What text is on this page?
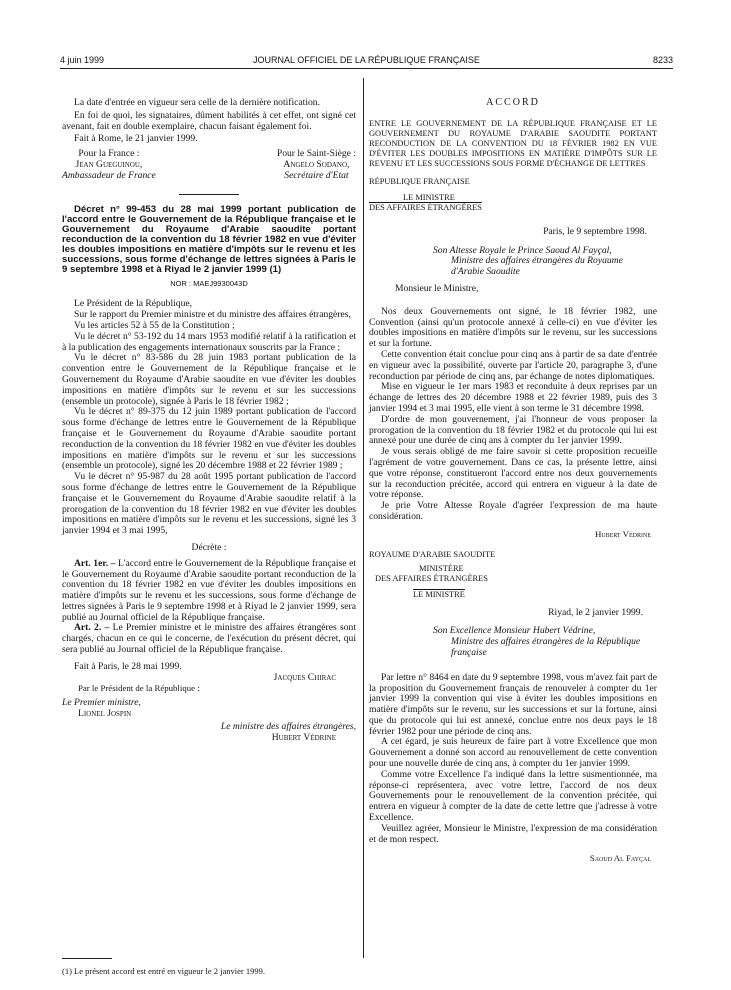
4 juin 1999	JOURNAL OFFICIEL DE LA RÉPUBLIQUE FRANÇAISE	8233

La date d'entrée en vigueur sera celle de la dernière notification.

En foi de quoi, les signataires, dûment habilités à cet effet, ont signé cet avenant, fait en double exemplaire, chacun faisant également foi.

Fait à Rome, le 21 janvier 1999.

Pour la France :
Jean Gueguinou,
Ambassadeur de France
Pour le Saint-Siège :
Angelo Sodano,
Secrétaire d'Etat
Décret n° 99-453 du 28 mai 1999 portant publication de l'accord entre le Gouvernement de la République française et le Gouvernement du Royaume d'Arabie saoudite portant reconduction de la convention du 18 février 1982 en vue d'éviter les doubles impositions en matière d'impôts sur le revenu et les successions, sous forme d'échange de lettres signées à Paris le 9 septembre 1998 et à Riyad le 2 janvier 1999 (1)
NOR : MAEJ9930043D

Le Président de la République,

Sur le rapport du Premier ministre et du ministre des affaires étrangères,

Vu les articles 52 à 55 de la Constitution ;

Vu le décret n° 53-192 du 14 mars 1953 modifié relatif à la ratification et à la publication des engagements internationaux souscrits par la France ;

Vu le décret n° 83-586 du 28 juin 1983 portant publication de la convention entre le Gouvernement de la République française et le Gouvernement du Royaume d'Arabie saoudite en vue d'éviter les doubles impositions en matière d'impôts sur le revenu et sur les successions (ensemble un protocole), signée à Paris le 18 février 1982 ;

Vu le décret n° 89-375 du 12 juin 1989 portant publication de l'accord sous forme d'échange de lettres entre le Gouvernement de la République française et le Gouvernement du Royaume d'Arabie saoudite portant reconduction de la convention du 18 février 1982 en vue d'éviter les doubles impositions en matière d'impôts sur le revenu et sur les successions (ensemble un protocole), signé les 20 décembre 1988 et 22 février 1989 ;

Vu le décret n° 95-987 du 28 août 1995 portant publication de l'accord sous forme d'échange de lettres entre le Gouvernement de la République française et le Gouvernement du Royaume d'Arabie saoudite relatif à la prorogation de la convention du 18 février 1982 en vue d'éviter les doubles impositions en matière d'impôts sur le revenu et les successions, signé les 3 janvier 1994 et 3 mai 1995,

Décrète :

Art. 1er. – L'accord entre le Gouvernement de la République française et le Gouvernement du Royaume d'Arabie saoudite portant reconduction de la convention du 18 février 1982 en vue d'éviter les doubles impositions en matière d'impôts sur le revenu et les successions, sous forme d'échange de lettres signées à Paris le 9 septembre 1998 et à Riyad le 2 janvier 1999, sera publié au Journal officiel de la République française.

Art. 2. – Le Premier ministre et le ministre des affaires étrangères sont chargés, chacun en ce qui le concerne, de l'exécution du présent décret, qui sera publié au Journal officiel de la République française.

Fait à Paris, le 28 mai 1999.

Jacques Chirac
Par le Président de la République :
Le Premier ministre,
Lionel Jospin
Le ministre des affaires étrangères,
Hubert Védrine
(1) Le présent accord est entré en vigueur le 2 janvier 1999.
ACCORD
ENTRE LE GOUVERNEMENT DE LA RÉPUBLIQUE FRANÇAISE ET LE GOUVERNEMENT DU ROYAUME D'ARABIE SAOUDITE PORTANT RECONDUCTION DE LA CONVENTION DU 18 FÉVRIER 1982 EN VUE D'ÉVITER LES DOUBLES IMPOSITIONS EN MATIÈRE D'IMPÔTS SUR LE REVENU ET LES SUCCESSIONS SOUS FORME D'ÉCHANGE DE LETTRES
RÉPUBLIQUE FRANÇAISE
LE MINISTRE
DES AFFAIRES ÉTRANGÈRES
Paris, le 9 septembre 1998.
Son Altesse Royale le Prince Saoud Al Fayçal,
Ministre des affaires étrangères du Royaume d'Arabie Saoudite
Monsieur le Ministre,

Nos deux Gouvernements ont signé, le 18 février 1982, une Convention (ainsi qu'un protocole annexé à celle-ci) en vue d'éviter les doubles impositions en matière d'impôts sur le revenu, sur les successions et sur la fortune.

Cette convention était conclue pour cinq ans à partir de sa date d'entrée en vigueur avec la possibilité, ouverte par l'article 20, paragraphe 3, d'une reconduction par période de cinq ans, par échange de notes diplomatiques.

Mise en vigueur le 1er mars 1983 et reconduite à deux reprises par un échange de lettres des 20 décembre 1988 et 22 février 1989, puis des 3 janvier 1994 et 3 mai 1995, elle vient à son terme le 31 décembre 1998.

D'ordre de mon gouvernement, j'ai l'honneur de vous proposer la prorogation de la convention du 18 février 1982 et du protocole qui lui est annexé pour une durée de cinq ans à compter du 1er janvier 1999.

Je vous serais obligé de me faire savoir si cette proposition recueille l'agrément de votre gouvernement. Dans ce cas, la présente lettre, ainsi que votre réponse, constitueront l'accord entre nos deux gouvernements sur la reconduction précitée, accord qui entrera en vigueur à la date de votre réponse.

Je prie Votre Altesse Royale d'agréer l'expression de ma haute considération.

Hubert Védrine
ROYAUME D'ARABIE SAOUDITE
MINISTÈRE
DES AFFAIRES ÉTRANGÈRES
LE MINISTRE
Riyad, le 2 janvier 1999.
Son Excellence Monsieur Hubert Védrine,
Ministre des affaires étrangères de la République française

Par lettre n° 8464 en date du 9 septembre 1998, vous m'avez fait part de la proposition du Gouvernement français de renouveler à compter du 1er janvier 1999 la convention qui vise à éviter les doubles impositions en matière d'impôts sur le revenu, sur les successions et sur la fortune, ainsi que du protocole qui lui est annexé, conclue entre nos deux pays le 18 février 1982 pour une période de cinq ans.

A cet égard, je suis heureux de faire part à votre Excellence que mon Gouvernement a donné son accord au renouvellement de cette convention pour une nouvelle durée de cinq ans, à compter du 1er janvier 1999.

Comme votre Excellence l'a indiqué dans la lettre susmentionnée, ma réponse-ci représentera, avec votre lettre, l'accord de nos deux Gouvernements pour le renouvellement de la convention précitée, qui entrera en vigueur à compter de la date de cette lettre que j'adresse à votre Excellence.

Veuillez agréer, Monsieur le Ministre, l'expression de ma considération et de mon respect.

Saoud Al Fayçal
